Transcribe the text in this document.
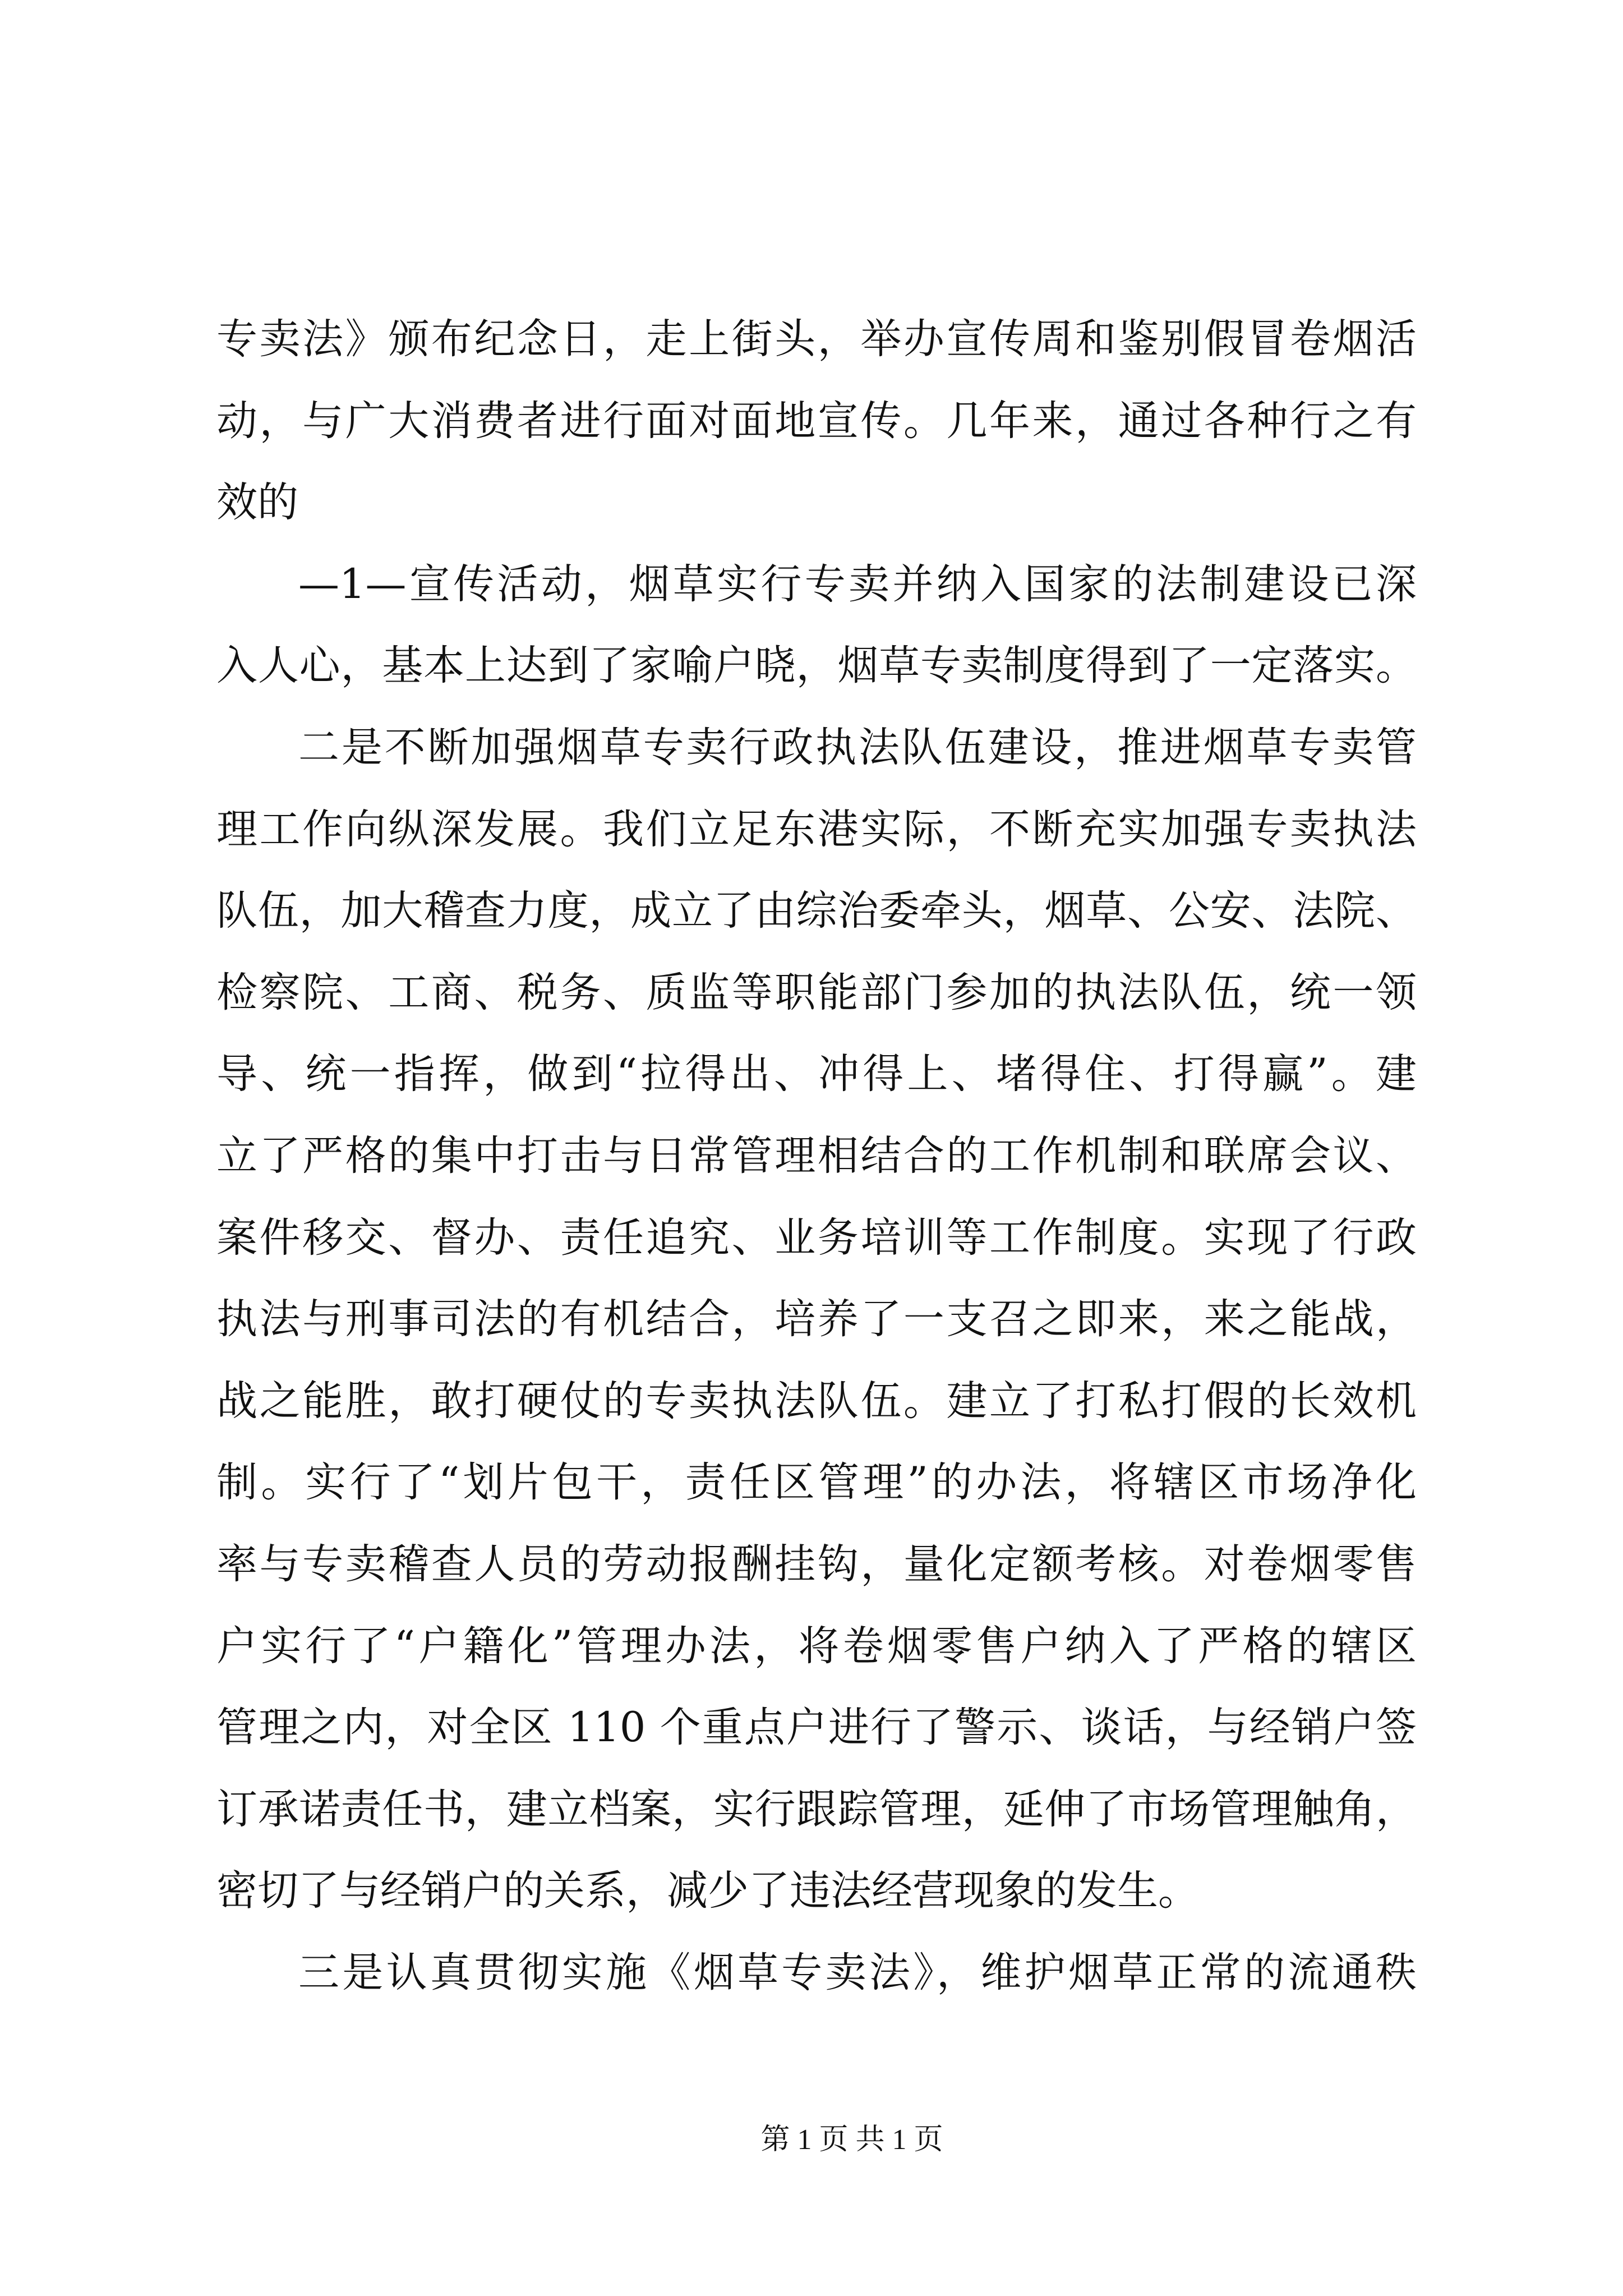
专卖法》颁布纪念日，走上街头，举办宣传周和鉴别假冒卷烟活
动，与广大消费者进行面对面地宣传。几年来，通过各种行之有
效的
—1—宣传活动，烟草实行专卖并纳入国家的法制建设已深
入人心，基本上达到了家喻户晓，烟草专卖制度得到了一定落实。
二是不断加强烟草专卖行政执法队伍建设，推进烟草专卖管
理工作向纵深发展。我们立足东港实际，不断充实加强专卖执法
队伍，加大稽查力度，成立了由综治委牵头，烟草、公安、法院、
检察院、工商、税务、质监等职能部门参加的执法队伍，统一领
导、统一指挥，做到“拉得出、冲得上、堵得住、打得赢”。建
立了严格的集中打击与日常管理相结合的工作机制和联席会议、
案件移交、督办、责任追究、业务培训等工作制度。实现了行政
执法与刑事司法的有机结合，培养了一支召之即来，来之能战，
战之能胜，敢打硬仗的专卖执法队伍。建立了打私打假的长效机
制。实行了“划片包干，责任区管理”的办法，将辖区市场净化
率与专卖稽查人员的劳动报酬挂钩，量化定额考核。对卷烟零售
户实行了“户籍化”管理办法，将卷烟零售户纳入了严格的辖区
管理之内，对全区 110 个重点户进行了警示、谈话，与经销户签
订承诺责任书，建立档案，实行跟踪管理，延伸了市场管理触角，
密切了与经销户的关系，减少了违法经营现象的发生。
三是认真贯彻实施《烟草专卖法》，维护烟草正常的流通秩
第 1 页 共 1 页
